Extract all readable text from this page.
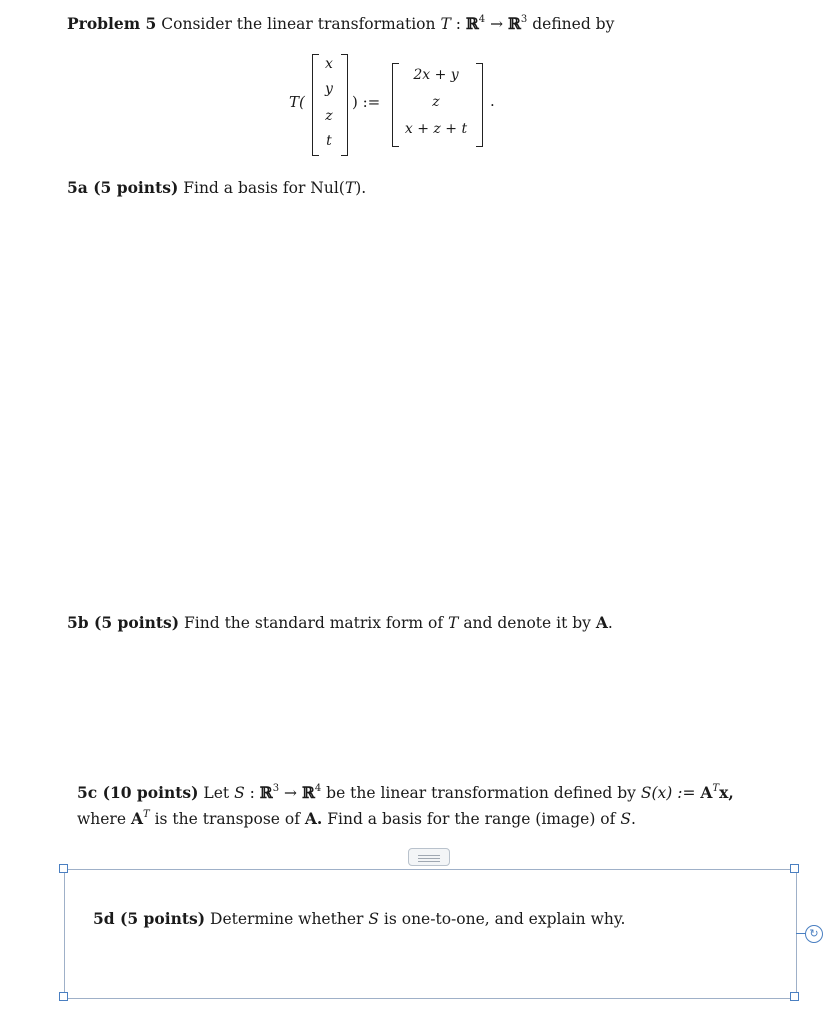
Problem 5 Consider the linear transformation T : ℝ$^4$ → ℝ$^3$ defined by
T(
x
y
z
t
) :=
2x + y
z
x + z + t
.
5a (5 points) Find a basis for Nul(T).
5b (5 points) Find the standard matrix form of T and denote it by A.
5c (10 points) Let S : ℝ$^3$ → ℝ$^4$ be the linear transformation defined by S(x) := $A^Tx$,
where $A^T$ is the transpose of A. Find a basis for the range (image) of S.
↻
5d (5 points) Determine whether S is one-to-one, and explain why.
